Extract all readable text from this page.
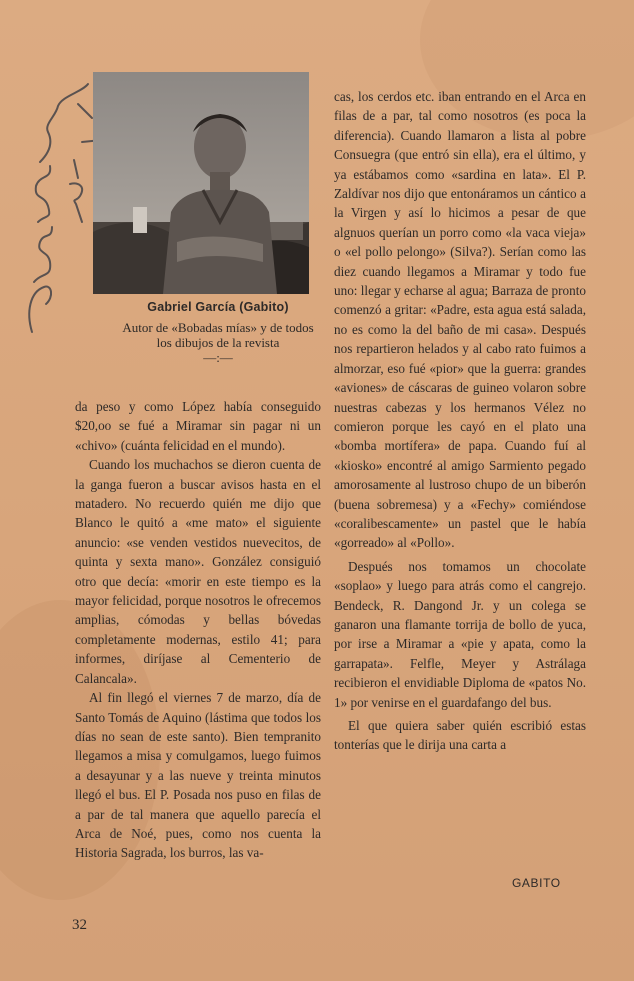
Gabriel García (Gabito)
Autor de «Bobadas mías» y de todos
los dibujos de la revista
—:—

da peso y como López había conseguido $20,oo se fué a Miramar sin pagar ni un «chivo» (cuánta felicidad en el mundo).

Cuando los muchachos se dieron cuenta de la ganga fueron a buscar avisos hasta en el matadero. No recuerdo quién me dijo que Blanco le quitó a «me mato» el siguiente anuncio: «se venden vestidos nuevecitos, de quinta y sexta mano». González consiguió otro que decía: «morir en este tiempo es la mayor felicidad, porque nosotros le ofrecemos amplias, cómodas y bellas bóvedas completamente modernas, estilo 41; para informes, diríjase al Cementerio de Calancala».

Al fin llegó el viernes 7 de marzo, día de Santo Tomás de Aquino (lástima que todos los días no sean de este santo). Bien tempranito llegamos a misa y comulgamos, luego fuimos a desayunar y a las nueve y treinta minutos llegó el bus. El P. Posada nos puso en filas de a par de tal manera que aquello parecía el Arca de Noé, pues, como nos cuenta la Historia Sagrada, los burros, las va-

cas, los cerdos etc. iban entrando en el Arca en filas de a par, tal como nosotros (es poca la diferencia). Cuando llamaron a lista al pobre Consuegra (que entró sin ella), era el último, y ya estábamos como «sardina en lata». El P. Zaldívar nos dijo que entonáramos un cántico a la Virgen y así lo hicimos a pesar de que algnuos querían un porro como «la vaca vieja» o «el pollo pelongo» (Silva?). Serían como las diez cuando llegamos a Miramar y todo fue uno: llegar y echarse al agua; Barraza de pronto comenzó a gritar: «Padre, esta agua está salada, no es como la del baño de mi casa». Después nos repartieron helados y al cabo rato fuimos a almorzar, eso fué «pior» que la guerra: grandes «aviones» de cáscaras de guineo volaron sobre nuestras cabezas y los hermanos Vélez no comieron porque les cayó en el plato una «bomba mortífera» de papa. Cuando fuí al «kiosko» encontré al amigo Sarmiento pegado amorosamente al lustroso chupo de un biberón (buena sobremesa) y a «Fechy» comiéndose «coralibescamente» un pastel que le había «gorreado» al «Pollo».

Después nos tomamos un chocolate «soplao» y luego para atrás como el cangrejo. Bendeck, R. Dangond Jr. y un colega se ganaron una flamante torrija de bollo de yuca, por irse a Miramar a «pie y apata, como la garrapata». Felfle, Meyer y Astrálaga recibieron el envidiable Diploma de «patos No. 1» por venirse en el guardafango del bus.

El que quiera saber quién escribió estas tonterías que le dirija una carta a

GABITO
32
